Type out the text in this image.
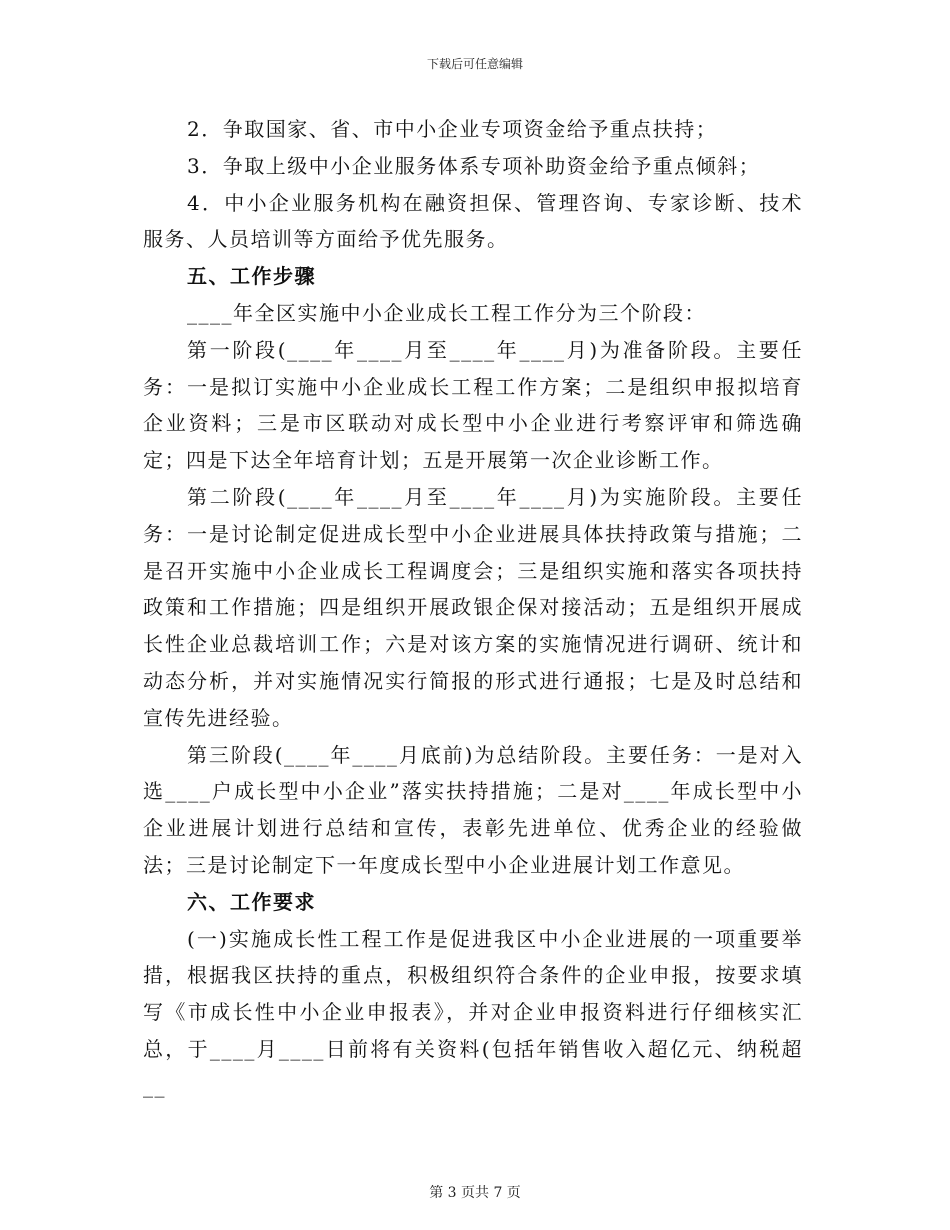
下载后可任意编辑

2．争取国家、省、市中小企业专项资金给予重点扶持；

3．争取上级中小企业服务体系专项补助资金给予重点倾斜；

4．中小企业服务机构在融资担保、管理咨询、专家诊断、技术服务、人员培训等方面给予优先服务。

五、工作步骤

____年全区实施中小企业成长工程工作分为三个阶段：

第一阶段(____年____月至____年____月)为准备阶段。主要任务：一是拟订实施中小企业成长工程工作方案；二是组织申报拟培育企业资料；三是市区联动对成长型中小企业进行考察评审和筛选确定；四是下达全年培育计划；五是开展第一次企业诊断工作。

第二阶段(____年____月至____年____月)为实施阶段。主要任务：一是讨论制定促进成长型中小企业进展具体扶持政策与措施；二是召开实施中小企业成长工程调度会；三是组织实施和落实各项扶持政策和工作措施；四是组织开展政银企保对接活动；五是组织开展成长性企业总裁培训工作；六是对该方案的实施情况进行调研、统计和动态分析，并对实施情况实行简报的形式进行通报；七是及时总结和宣传先进经验。

第三阶段(____年____月底前)为总结阶段。主要任务：一是对入选____户成长型中小企业”落实扶持措施；二是对____年成长型中小企业进展计划进行总结和宣传，表彰先进单位、优秀企业的经验做法；三是讨论制定下一年度成长型中小企业进展计划工作意见。

六、工作要求

(一)实施成长性工程工作是促进我区中小企业进展的一项重要举措，根据我区扶持的重点，积极组织符合条件的企业申报，按要求填写《市成长性中小企业申报表》，并对企业申报资料进行仔细核实汇总，于____月____日前将有关资料(包括年销售收入超亿元、纳税超__

第 3 页共 7 页
